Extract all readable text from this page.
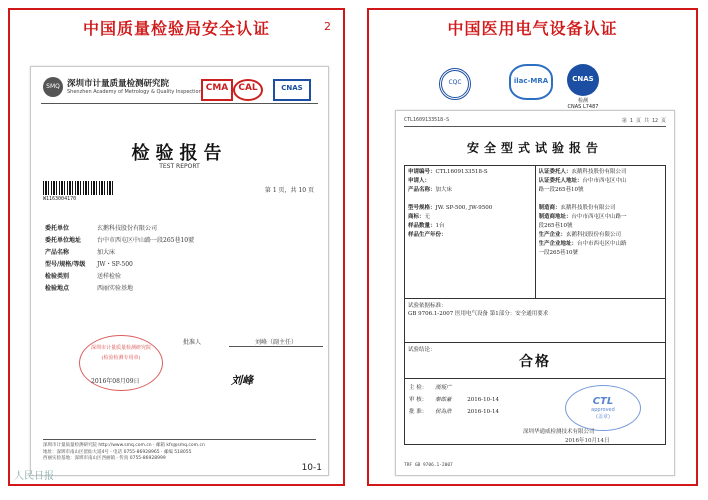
中国质量检验局安全认证	2
SMQ 深圳市计量质量检测研究院
Shenzhen Academy of Metrology & Quality Inspection CMA	CAL	CNAS
检验报告
TEST REPORT
W1163004170
第 1 页，共 10 页
委托单位	玄鹅科技股份有限公司
委托单位地址	台中市西屯区中山路一段265巷10號
产品名称	加大床
型号/规格/等级	JW・SP-500
检验类别	送样检验
检验地点	西丽实验基地
深圳市计量质量检测研究院
(检验检测专用章)
批准人	刘峰（副主任）
刘峰
2016年08月09日
深圳市计量质量检测研究院 http://www.smq.com.cn · 邮箱 kfs@smq.com.cn
地址：深圳市南山区留仙大道4号 · 电话 0755-86928965 · 邮编 518055
西丽实验基地：深圳市南山区西丽镇 · 传真 0755-86928999
10-1
人民日报
中国医用电气设备认证
CQC	ilac-MRA	CNAS
检测
CNAS L7487
CTL1609133518-S	第 1 页 共 12 页
安全型式试验报告
申请编号：CTL1609133518-S
申请人：
产品名称：加大床
型号规格：JW. SP-500, JW-9500
商标：无
样品数量：1台
样品生产年份：

认证委托人：玄鹅科技股份有限公司
认证委托人地址：台中市西屯区中山
路一段265巷10號
制造商：玄鹅科技股份有限公司
制造商地址：台中市西屯区中山路一
段265巷10號
生产企业：玄鹅科技股份有限公司
生产企业地址：台中市西屯区中山路
一段265巷10號
试验依据标准：
GB 9706.1-2007 医用电气设备 第1部分：安全通用要求
试验结论：
合格
主 检： 漢叛广
审 核： 秦郎豪	2016-10-14
批 准： 侯為浩	2016-10-14
CTL
approved
(盖章)
深圳华通威检测技术有限公司
2016年10月14日
TRF GB 9706.1-2007
